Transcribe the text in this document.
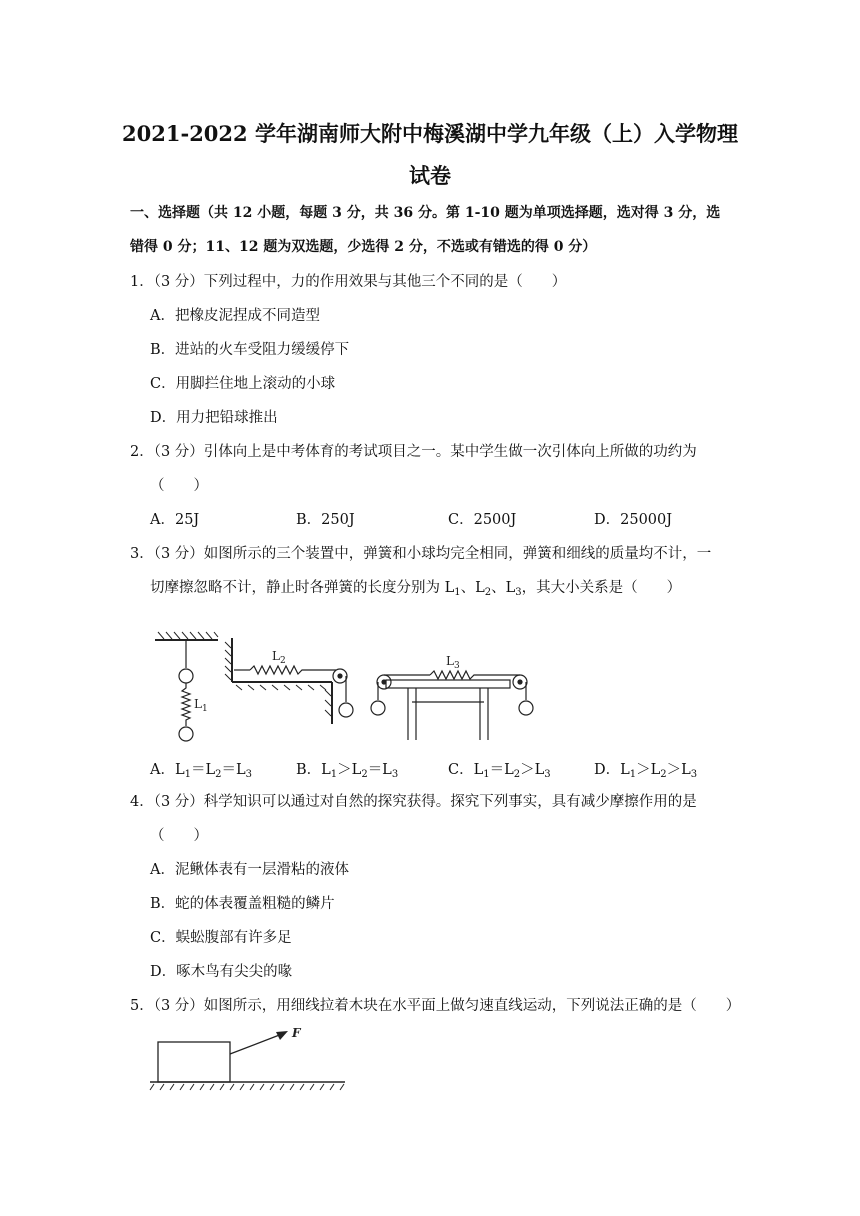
2021-2022 学年湖南师大附中梅溪湖中学九年级（上）入学物理
试卷
一、选择题（共 12 小题，每题 3 分，共 36 分。第 1-10 题为单项选择题，选对得 3 分，选
错得 0 分；11、12 题为双选题，少选得 2 分，不选或有错选的得 0 分）
1．（3 分）下列过程中，力的作用效果与其他三个不同的是（　　）
A．把橡皮泥捏成不同造型
B．进站的火车受阻力缓缓停下
C．用脚拦住地上滚动的小球
D．用力把铅球推出
2．（3 分）引体向上是中考体育的考试项目之一。某中学生做一次引体向上所做的功约为
（　　）
A．25J	B．250J	C．2500J	D．25000J
3．（3 分）如图所示的三个装置中，弹簧和小球均完全相同，弹簧和细线的质量均不计，一
切摩擦忽略不计，静止时各弹簧的长度分别为 $L_1$、$L_2$、$L_3$，其大小关系是（　　）
$L_1$
$L_2$	$L_3$
A．$L_1=L_2=L_3$	B．$L_1>L_2=L_3$	C．$L_1=L_2>L_3$	D．$L_1>L_2>L_3$
4．（3 分）科学知识可以通过对自然的探究获得。探究下列事实，具有减少摩擦作用的是
（　　）
A．泥鳅体表有一层滑粘的液体
B．蛇的体表覆盖粗糙的鳞片
C．蜈蚣腹部有许多足
D．啄木鸟有尖尖的喙
5．（3 分）如图所示，用细线拉着木块在水平面上做匀速直线运动，下列说法正确的是（　　）
F
